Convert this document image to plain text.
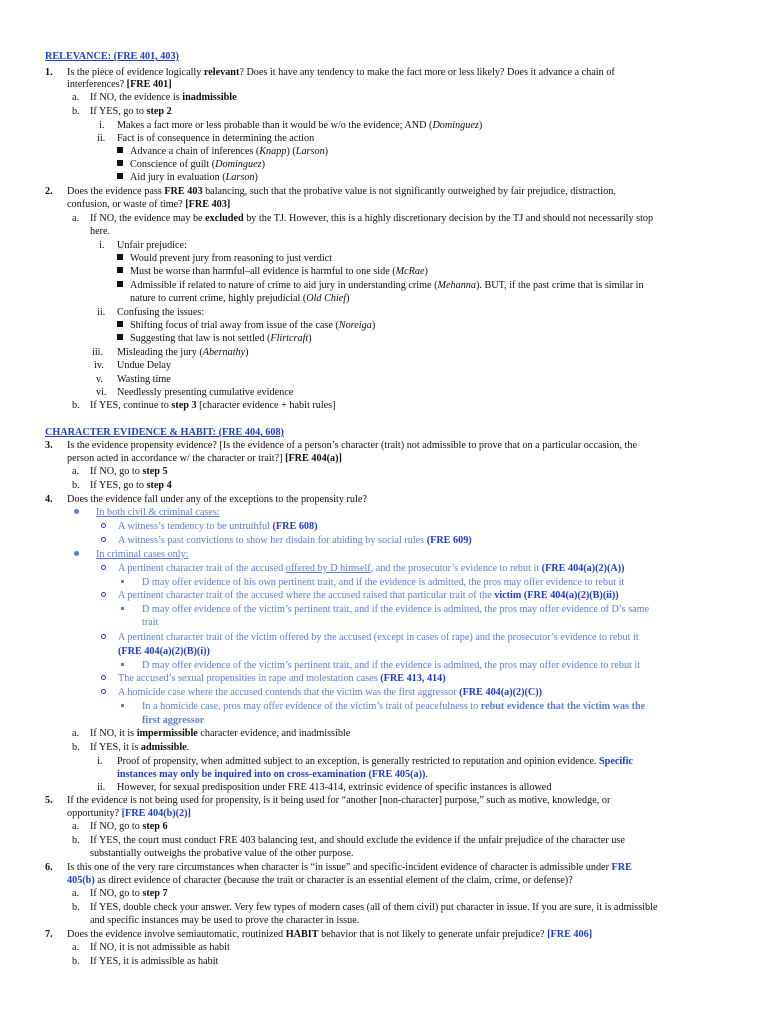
RELEVANCE: (FRE 401, 403)
1. Is the piece of evidence logically relevant? Does it have any tendency to make the fact more or less likely? Does it advance a chain of
interferences? [FRE 401]
a. If NO, the evidence is inadmissible
b. If YES, go to step 2
i. Makes a fact more or less probable than it would be w/o the evidence; AND (Dominguez)
ii. Fact is of consequence in determining the action
Advance a chain of inferences (Knapp) (Larson)
Conscience of guilt (Dominguez)
Aid jury in evaluation (Larson)
2. Does the evidence pass FRE 403 balancing, such that the probative value is not significantly outweighed by fair prejudice, distraction,
confusion, or waste of time? [FRE 403]
a. If NO, the evidence may be excluded by the TJ. However, this is a highly discretionary decision by the TJ and should not necessarily stop
here.
i. Unfair prejudice:
Would prevent jury from reasoning to just verdict
Must be worse than harmful–all evidence is harmful to one side (McRae)
Admissible if related to nature of crime to aid jury in understanding crime (Mehanna). BUT, if the past crime that is similar in
nature to current crime, highly prejudicial (Old Chief)
ii. Confusing the issues:
Shifting focus of trial away from issue of the case (Noreiga)
Suggesting that law is not settled (Flirtcraft)
iii. Misleading the jury (Abernathy)
iv. Undue Delay
v. Wasting time
vi. Needlessly presenting cumulative evidence
b. If YES, continue to step 3 [character evidence + habit rules]
CHARACTER EVIDENCE & HABIT: (FRE 404, 608)
3. Is the evidence propensity evidence? [Is the evidence of a person’s character (trait) not admissible to prove that on a particular occasion, the
person acted in accordance w/ the character or trait?] [FRE 404(a)]
a. If NO, go to step 5
b. If YES, go to step 4
4. Does the evidence fall under any of the exceptions to the propensity rule?
In both civil & criminal cases:
A witness’s tendency to be untruthful (FRE 608)
A witness’s past convictions to show her disdain for abiding by social rules (FRE 609)
In criminal cases only:
A pertinent character trait of the accused offered by D himself, and the prosecutor’s evidence to rebut it (FRE 404(a)(2)(A))
D may offer evidence of his own pertinent trait, and if the evidence is admitted, the pros may offer evidence to rebut it
A pertinent character trait of the accused where the accused raised that particular trait of the victim (FRE 404(a)(2)(B)(ii))
D may offer evidence of the victim’s pertinent trait, and if the evidence is admitted, the pros may offer evidence of D’s same
trait
A pertinent character trait of the victim offered by the accused (except in cases of rape) and the prosecutor’s evidence to rebut it
(FRE 404(a)(2)(B)(i))
D may offer evidence of the victim’s pertinent trait, and if the evidence is admitted, the pros may offer evidence to rebut it
The accused’s sexual propensities in rape and molestation cases (FRE 413, 414)
A homicide case where the accused contends that the victim was the first aggressor (FRE 404(a)(2)(C))
In a homicide case, pros may offer evidence of the victim’s trait of peacefulness to rebut evidence that the victim was the
first aggressor
a. If NO, it is impermissible character evidence, and inadmissible
b. If YES, it is admissible.
i. Proof of propensity, when admitted subject to an exception, is generally restricted to reputation and opinion evidence. Specific
instances may only be inquired into on cross-examination (FRE 405(a)).
ii. However, for sexual predisposition under FRE 413-414, extrinsic evidence of specific instances is allowed
5. If the evidence is not being used for propensity, is it being used for “another [non-character] purpose,” such as motive, knowledge, or
opportunity? [FRE 404(b)(2)]
a. If NO, go to step 6
b. If YES, the court must conduct FRE 403 balancing test, and should exclude the evidence if the unfair prejudice of the character use
substantially outweighs the probative value of the other purpose.
6. Is this one of the very rare circumstances when character is “in issue” and specific-incident evidence of character is admissible under FRE
405(b) as direct evidence of character (because the trait or character is an essential element of the claim, crime, or defense)?
a. If NO, go to step 7
b. If YES, double check your answer. Very few types of modern cases (all of them civil) put character in issue. If you are sure, it is admissible
and specific instances may be used to prove the character in issue.
7. Does the evidence involve semiautomatic, routinized HABIT behavior that is not likely to generate unfair prejudice? [FRE 406]
a. If NO, it is not admissible as habit
b. If YES, it is admissible as habit
